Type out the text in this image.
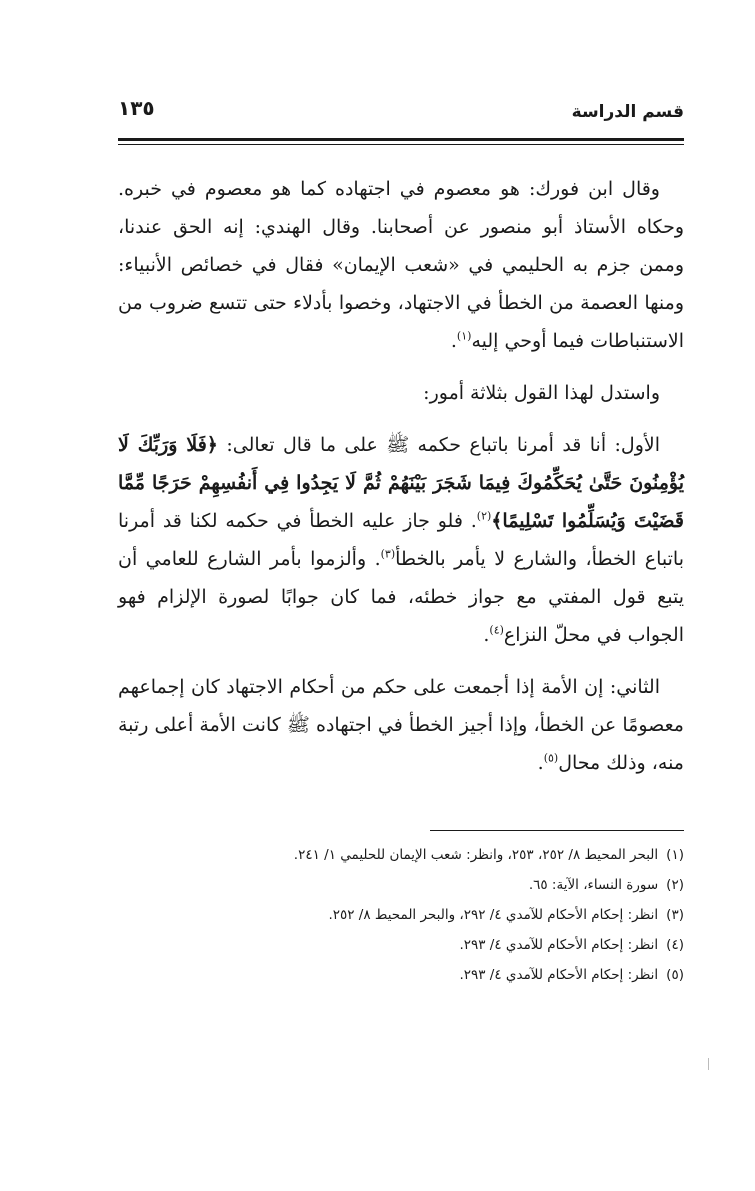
قسم الدراسة
١٣٥

وقال ابن فورك: هو معصوم في اجتهاده كما هو معصوم في خبره. وحكاه الأستاذ أبو منصور عن أصحابنا. وقال الهندي: إنه الحق عندنا، وممن جزم به الحليمي في «شعب الإيمان» فقال في خصائص الأنبياء: ومنها العصمة من الخطأ في الاجتهاد، وخصوا بأدلاء حتى تتسع ضروب من الاستنباطات فيما أوحي إليه$^{(١)}$.

واستدل لهذا القول بثلاثة أمور:

الأول: أنا قد أمرنا باتباع حكمه ﷺ على ما قال تعالى: ﴿فَلَا وَرَبِّكَ لَا يُؤْمِنُونَ حَتَّىٰ يُحَكِّمُوكَ فِيمَا شَجَرَ بَيْنَهُمْ ثُمَّ لَا يَجِدُوا فِي أَنفُسِهِمْ حَرَجًا مِّمَّا قَضَيْتَ وَيُسَلِّمُوا تَسْلِيمًا﴾$^{(٢)}$. فلو جاز عليه الخطأ في حكمه لكنا قد أمرنا باتباع الخطأ، والشارع لا يأمر بالخطأ$^{(٣)}$. وألزموا بأمر الشارع للعامي أن يتبع قول المفتي مع جواز خطئه، فما كان جوابًا لصورة الإلزام فهو الجواب في محلّ النزاع$^{(٤)}$.

الثاني: إن الأمة إذا أجمعت على حكم من أحكام الاجتهاد كان إجماعهم معصومًا عن الخطأ، وإذا أجيز الخطأ في اجتهاده ﷺ كانت الأمة أعلى رتبة منه، وذلك محال$^{(٥)}$.

(١)البحر المحيط ٨/ ٢٥٢، ٢٥٣، وانظر: شعب الإيمان للحليمي ١/ ٢٤١.
(٢)سورة النساء، الآية: ٦٥.
(٣)انظر: إحكام الأحكام للآمدي ٤/ ٢٩٢، والبحر المحيط ٨/ ٢٥٢.
(٤)انظر: إحكام الأحكام للآمدي ٤/ ٢٩٣.
(٥)انظر: إحكام الأحكام للآمدي ٤/ ٢٩٣.
